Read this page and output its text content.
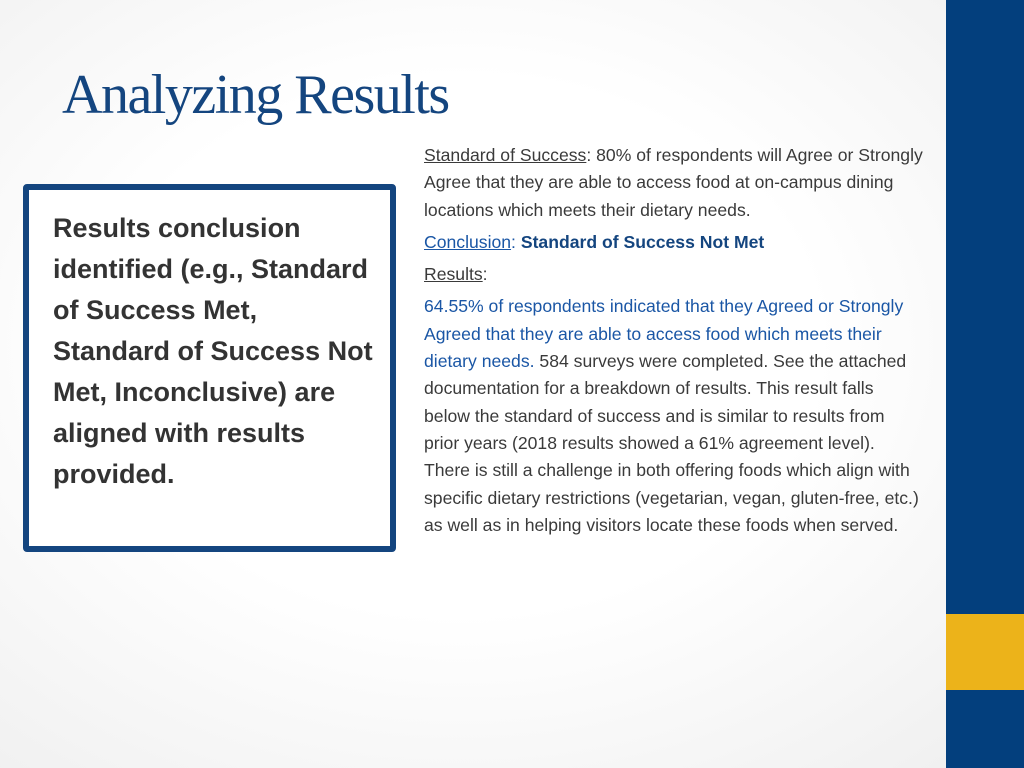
Analyzing Results

Results conclusion identified (e.g., Standard of Success Met, Standard of Success Not Met, Inconclusive) are aligned with results provided.

Standard of Success: 80% of respondents will Agree or Strongly Agree that they are able to access food at on-campus dining locations which meets their dietary needs.

Conclusion: Standard of Success Not Met

Results:

64.55% of respondents indicated that they Agreed or Strongly Agreed that they are able to access food which meets their dietary needs. 584 surveys were completed. See the attached documentation for a breakdown of results. This result falls below the standard of success and is similar to results from prior years (2018 results showed a 61% agreement level). There is still a challenge in both offering foods which align with specific dietary restrictions (vegetarian, vegan, gluten-free, etc.) as well as in helping visitors locate these foods when served.
